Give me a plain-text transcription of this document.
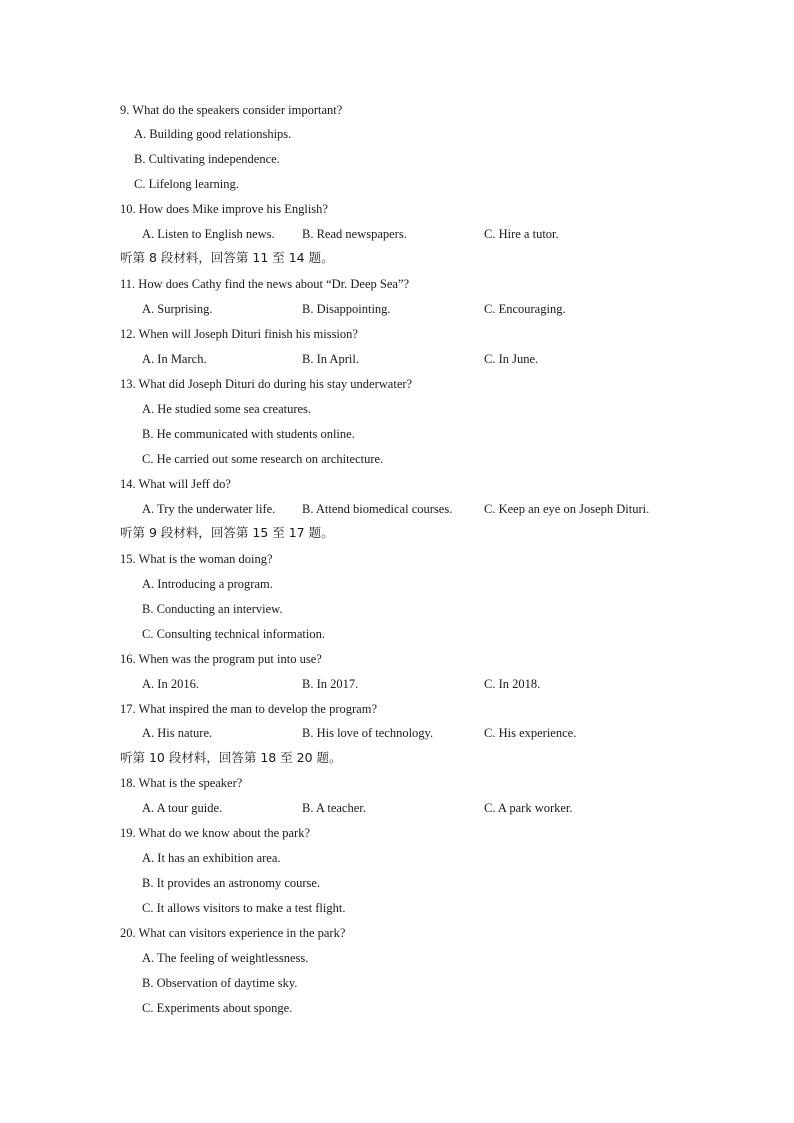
9. What do the speakers consider important?
A. Building good relationships.
B. Cultivating independence.
C. Lifelong learning.
10. How does Mike improve his English?
A. Listen to English news. B. Read newspapers.	C. Hire a tutor.
听第 8 段材料，回答第 11 至 14 题。
11. How does Cathy find the news about “Dr. Deep Sea”?
A. Surprising.	B. Disappointing.	C. Encouraging.
12. When will Joseph Dituri finish his mission?
A. In March.	B. In April.	C. In June.
13. What did Joseph Dituri do during his stay underwater?
A. He studied some sea creatures.
B. He communicated with students online.
C. He carried out some research on architecture.
14. What will Jeff do?
A. Try the underwater life. B. Attend biomedical courses.	C. Keep an eye on Joseph Dituri.
听第 9 段材料，回答第 15 至 17 题。
15. What is the woman doing?
A. Introducing a program.
B. Conducting an interview.
C. Consulting technical information.
16. When was the program put into use?
A. In 2016.	B. In 2017.	C. In 2018.
17. What inspired the man to develop the program?
A. His nature.	B. His love of technology.	C. His experience.
听第 10 段材料，回答第 18 至 20 题。
18. What is the speaker?
A. A tour guide.	B. A teacher.	C. A park worker.
19. What do we know about the park?
A. It has an exhibition area.
B. It provides an astronomy course.
C. It allows visitors to make a test flight.
20. What can visitors experience in the park?
A. The feeling of weightlessness.
B. Observation of daytime sky.
C. Experiments about sponge.
